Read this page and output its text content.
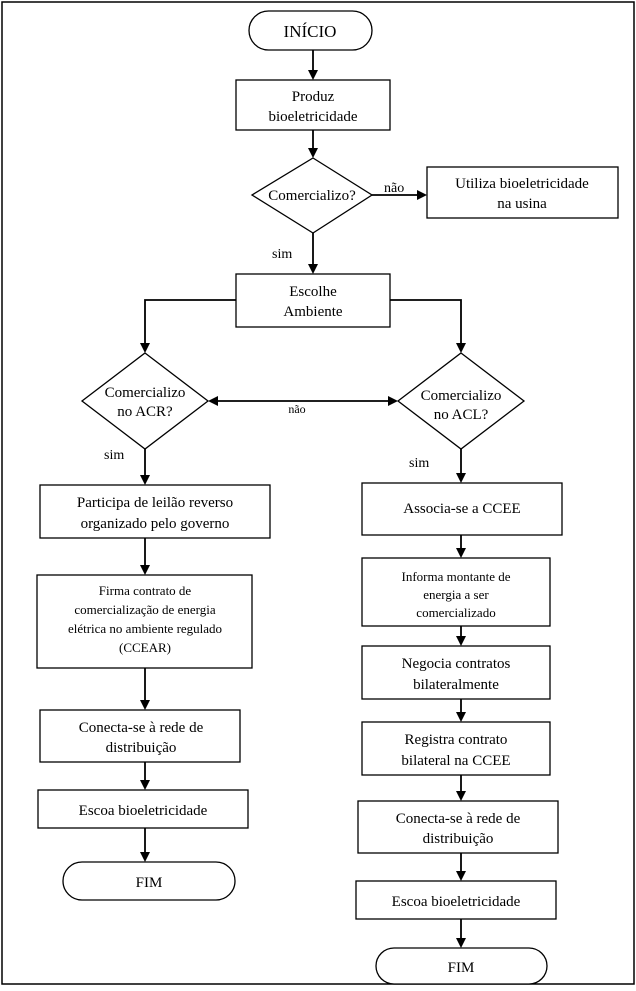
INÍCIO
Produz
bioeletricidade
Comercializo?
Utiliza bioeletricidade
na usina
não
sim
Escolhe
Ambiente
Comercializo
no ACR?
Comercializo
no ACL?
não
sim
sim
Participa de leilão reverso
organizado pelo governo
Firma contrato de
comercialização de energia
elétrica no ambiente regulado
(CCEAR)
Conecta-se à rede de
distribuição
Escoa bioeletricidade
FIM
Associa-se a CCEE
Informa montante de
energia a ser
comercializado
Negocia contratos
bilateralmente
Registra contrato
bilateral na CCEE
Conecta-se à rede de
distribuição
Escoa bioeletricidade
FIM
